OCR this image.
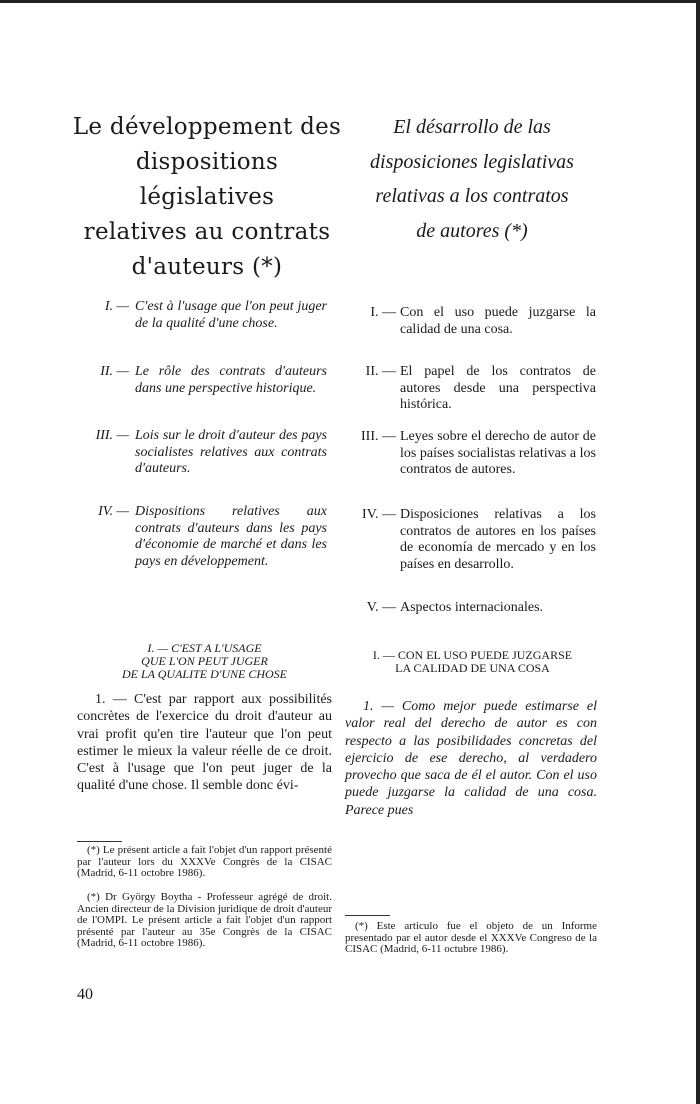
Le développement des
dispositions législatives
relatives au contrats
d'auteurs (*)
El désarrollo de las
disposiciones legislativas
relativas a los contratos
de autores (*)
I. — C'est à l'usage que l'on peut juger de la qualité d'une chose.
II. — Le rôle des contrats d'auteurs dans une perspective historique.
III. — Lois sur le droit d'auteur des pays socialistes relatives aux contrats d'auteurs.
IV. — Dispositions relatives aux contrats d'auteurs dans les pays d'économie de marché et dans les pays en développement.
I. — Con el uso puede juzgarse la calidad de una cosa.
II. — El papel de los contratos de autores desde una perspectiva histórica.
III. — Leyes sobre el derecho de autor de los países socialistas relativas a los contratos de autores.
IV. — Disposiciones relativas a los contratos de autores en los países de economía de mercado y en los países en desarrollo.
V. — Aspectos internacionales.
I. — C'EST A L'USAGE
QUE L'ON PEUT JUGER
DE LA QUALITE D'UNE CHOSE
I. — CON EL USO PUEDE JUZGARSE
LA CALIDAD DE UNA COSA
1. — C'est par rapport aux possibilités concrètes de l'exercice du droit d'auteur au vrai profit qu'en tire l'auteur que l'on peut estimer le mieux la valeur réelle de ce droit. C'est à l'usage que l'on peut juger de la qualité d'une chose. Il semble donc évi-
1. — Como mejor puede estimarse el valor real del derecho de autor es con respecto a las posibilidades concretas del ejercicio de ese derecho, al verdadero provecho que saca de él el autor. Con el uso puede juzgarse la calidad de una cosa. Parece pues
(*) Le présent article a fait l'objet d'un rapport présenté par l'auteur lors du XXXVe Congrès de la CISAC (Madrid, 6-11 octobre 1986).
(*) Dr György Boytha - Professeur agrégé de droit. Ancien directeur de la Division juridique de droit d'auteur de l'OMPI. Le présent article a fait l'objet d'un rapport présenté par l'auteur au 35e Congrès de la CISAC (Madrid, 6-11 octobre 1986).
(*) Este articulo fue el objeto de un Informe presentado par el autor desde el XXXVe Congreso de la CISAC (Madrid, 6-11 octubre 1986).
40
